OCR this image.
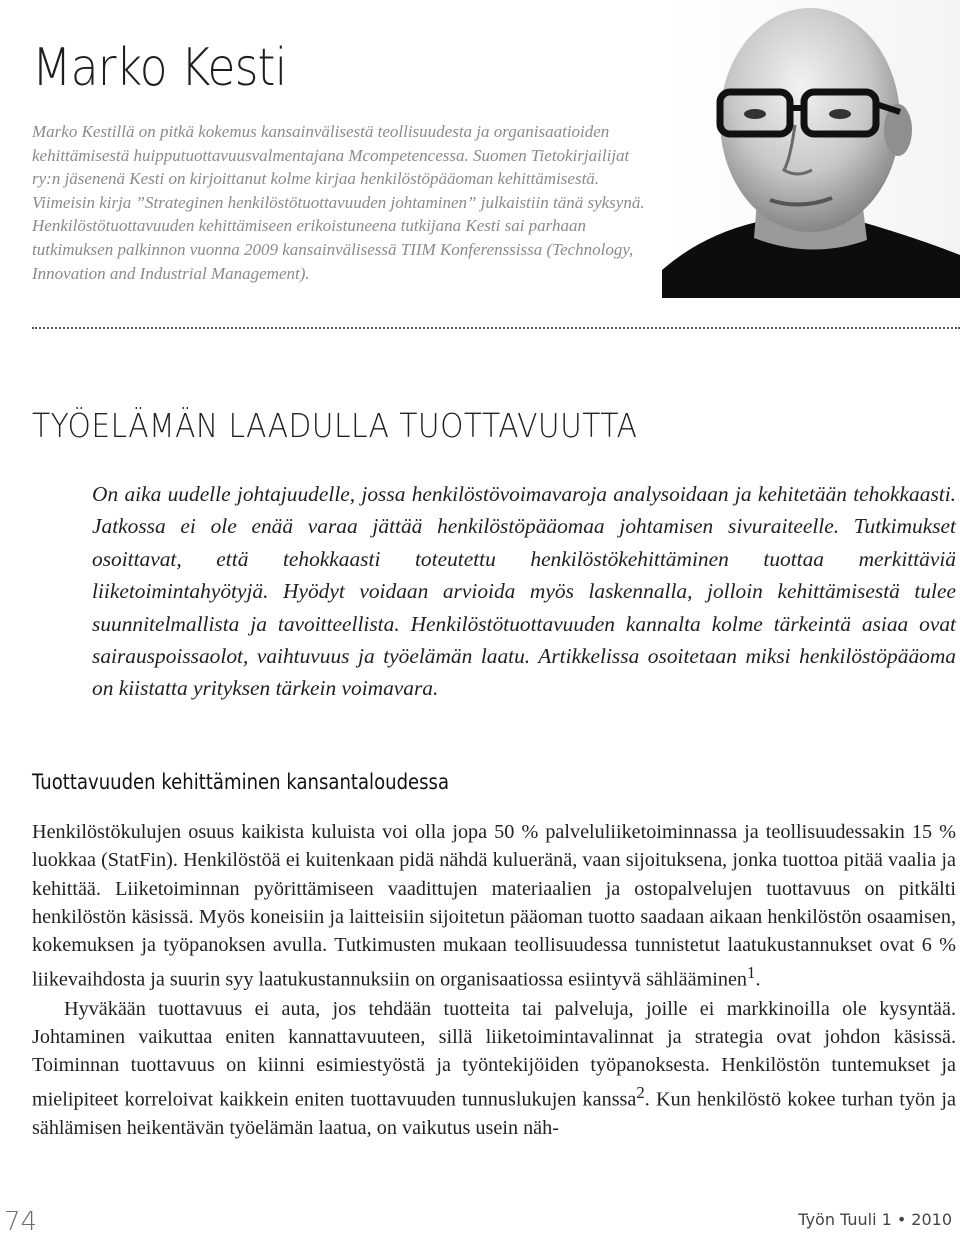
Marko Kesti

Marko Kestillä on pitkä kokemus kansainvälisestä teollisuudesta ja organisaatioiden kehittämisestä huipputuottavuusvalmentajana Mcompetencessa. Suomen Tietokirjailijat ry:n jäsenenä Kesti on kirjoittanut kolme kirjaa henkilöstöpääoman kehittämisestä. Viimeisin kirja ”Strateginen henkilöstötuottavuuden johtaminen” julkaistiin tänä syksynä. Henkilöstötuottavuuden kehittämiseen erikoistuneena tutkijana Kesti sai parhaan tutkimuksen palkinnon vuonna 2009 kansainvälisessä TIIM Konferenssissa (Technology, Innovation and Industrial Management).

TYÖELÄMÄN LAADULLA TUOTTAVUUTTA

On aika uudelle johtajuudelle, jossa henkilöstövoimavaroja analysoidaan ja kehitetään tehokkaasti. Jatkossa ei ole enää varaa jättää henkilöstöpääomaa johtamisen sivuraiteelle. Tutkimukset osoittavat, että tehokkaasti toteutettu henkilöstökehittäminen tuottaa merkittäviä liiketoimintahyötyjä. Hyödyt voidaan arvioida myös laskennalla, jolloin kehittämisestä tulee suunnitelmallista ja tavoitteellista. Henkilöstötuottavuuden kannalta kolme tärkeintä asiaa ovat sairauspoissaolot, vaihtuvuus ja työelämän laatu. Artikkelissa osoitetaan miksi henkilöstöpääoma on kiistatta yrityksen tärkein voimavara.

Tuottavuuden kehittäminen kansantaloudessa

Henkilöstökulujen osuus kaikista kuluista voi olla jopa 50 % palveluliiketoiminnassa ja teollisuudessakin 15 % luokkaa (StatFin). Henkilöstöä ei kuitenkaan pidä nähdä kulueränä, vaan sijoituksena, jonka tuottoa pitää vaalia ja kehittää. Liiketoiminnan pyörittämiseen vaadittujen materiaalien ja ostopalvelujen tuottavuus on pitkälti henkilöstön käsissä. Myös koneisiin ja laitteisiin sijoitetun pääoman tuotto saadaan aikaan henkilöstön osaamisen, kokemuksen ja työpanoksen avulla. Tutkimusten mukaan teollisuudessa tunnistetut laatukustannukset ovat 6 % liikevaihdosta ja suurin syy laatukustannuksiin on organisaatiossa esiintyvä sählääminen$^1$.

Hyväkään tuottavuus ei auta, jos tehdään tuotteita tai palveluja, joille ei markkinoilla ole kysyntää. Johtaminen vaikuttaa eniten kannattavuuteen, sillä liiketoimintavalinnat ja strategia ovat johdon käsissä. Toiminnan tuottavuus on kiinni esimiestyöstä ja työntekijöiden työpanoksesta. Henkilöstön tuntemukset ja mielipiteet korreloivat kaikkein eniten tuottavuuden tunnuslukujen kanssa$^2$. Kun henkilöstö kokee turhan työn ja sählämisen heikentävän työelämän laatua, on vaikutus usein näh-

74	Työn Tuuli 1 • 2010
